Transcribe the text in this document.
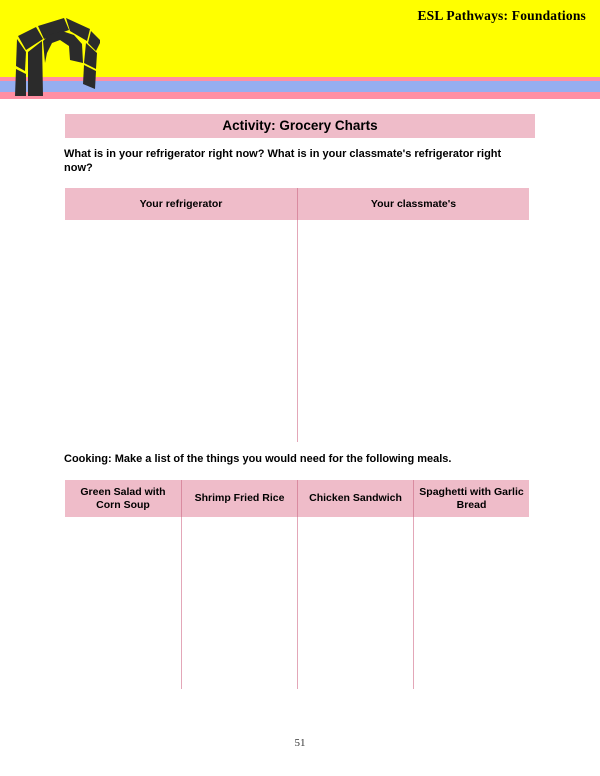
ESL Pathways: Foundations
Activity: Grocery Charts
What is in your refrigerator right now? What is in your classmate's refrigerator right now?
Your refrigerator	Your classmate's
Cooking: Make a list of the things you would need for the following meals.
Green Salad with Corn Soup
Shrimp Fried Rice	Chicken Sandwich
Spaghetti with Garlic Bread
51
